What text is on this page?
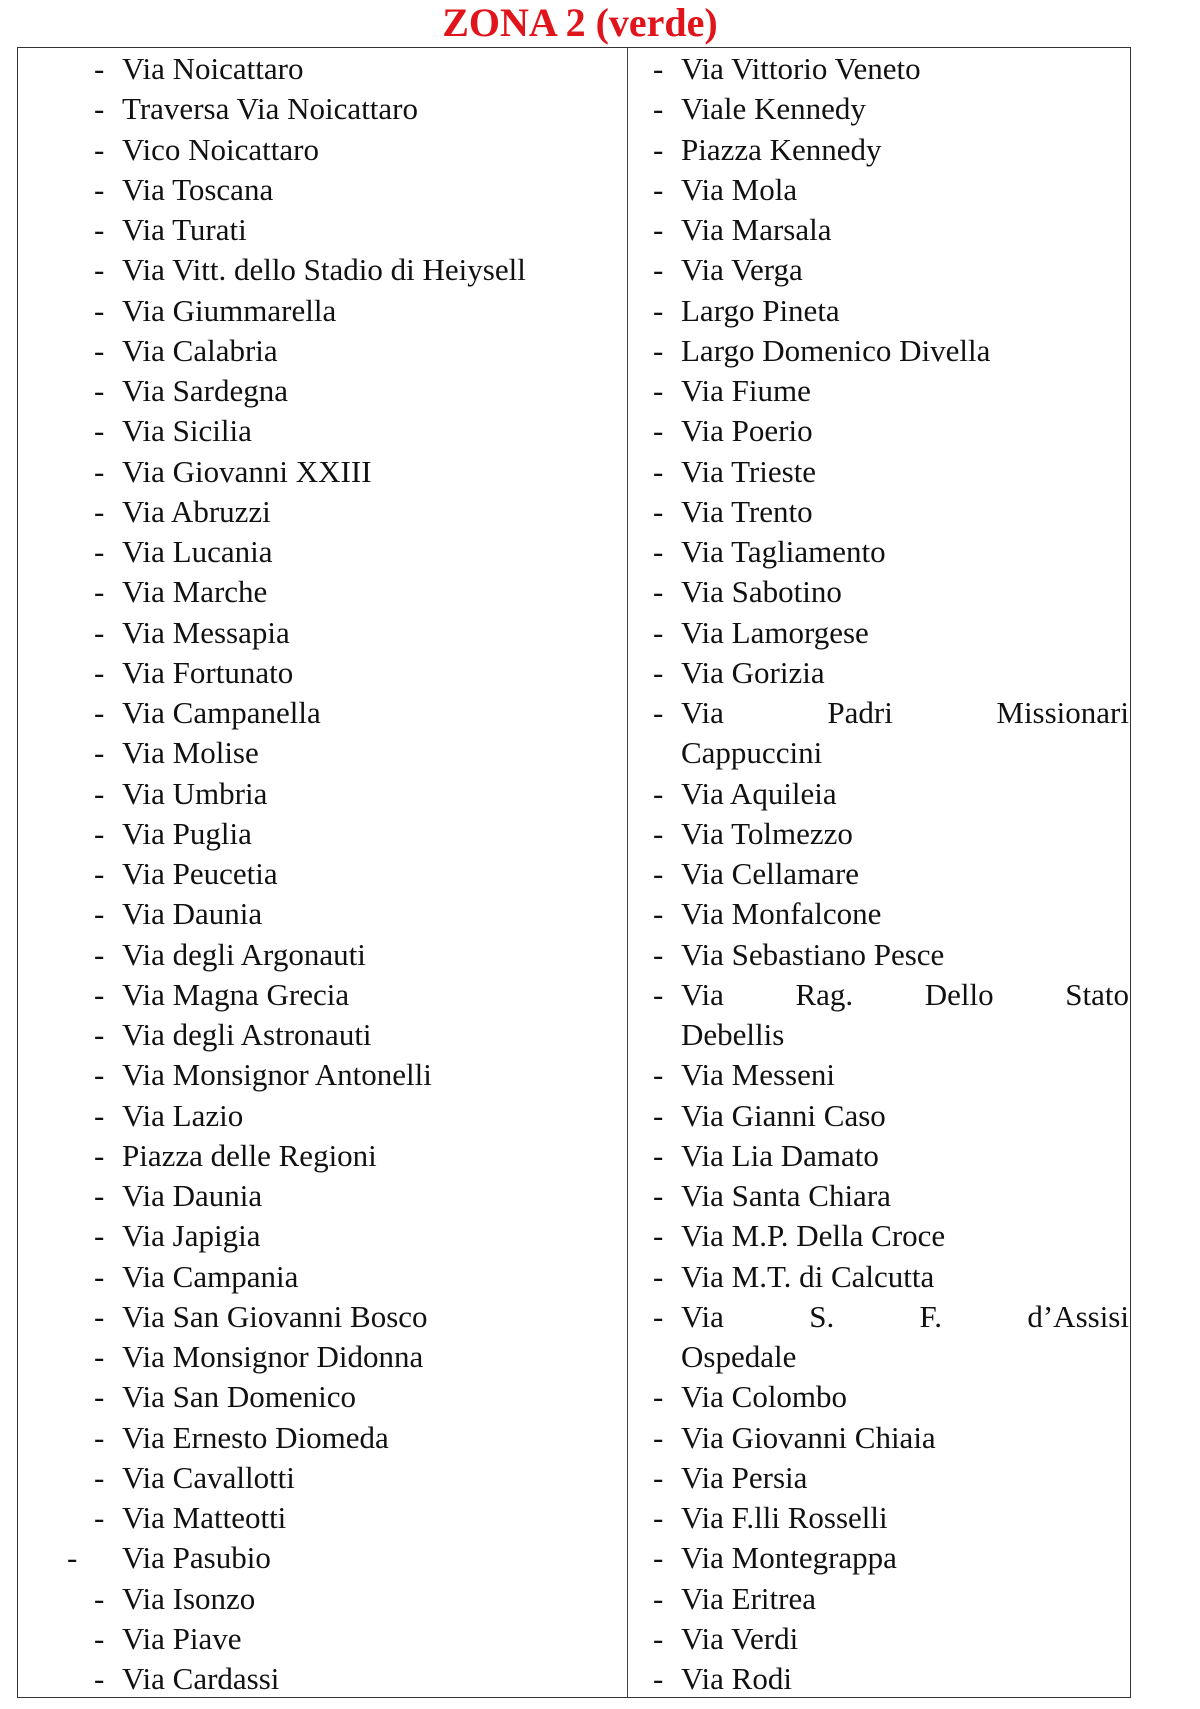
ZONA 2 (verde)
- Via Noicattaro
- Traversa Via Noicattaro
- Vico Noicattaro
- Via Toscana
- Via Turati
- Via Vitt. dello Stadio di Heiysell
- Via Giummarella
- Via Calabria
- Via Sardegna
- Via Sicilia
- Via Giovanni XXIII
- Via Abruzzi
- Via Lucania
- Via Marche
- Via Messapia
- Via Fortunato
- Via Campanella
- Via Molise
- Via Umbria
- Via Puglia
- Via Peucetia
- Via Daunia
- Via degli Argonauti
- Via Magna Grecia
- Via degli Astronauti
- Via Monsignor Antonelli
- Via Lazio
- Piazza delle Regioni
- Via Daunia
- Via Japigia
- Via Campania
- Via San Giovanni Bosco
- Via Monsignor Didonna
- Via San Domenico
- Via Ernesto Diomeda
- Via Cavallotti
- Via Matteotti
- Via Pasubio
- Via Isonzo
- Via Piave
- Via Cardassi
- Via Vittorio Veneto
- Viale Kennedy
- Piazza Kennedy
- Via Mola
- Via Marsala
- Via Verga
- Largo Pineta
- Largo Domenico Divella
- Via Fiume
- Via Poerio
- Via Trieste
- Via Trento
- Via Tagliamento
- Via Sabotino
- Via Lamorgese
- Via Gorizia
- Via	Padri	Missionari
Cappuccini
- Via Aquileia
- Via Tolmezzo
- Via Cellamare
- Via Monfalcone
- Via Sebastiano Pesce
- Via Rag. Dello Stato
Debellis
- Via Messeni
- Via Gianni Caso
- Via Lia Damato
- Via Santa Chiara
- Via M.P. Della Croce
- Via M.T. di Calcutta
- Via	S.	F.	d’Assisi
Ospedale
- Via Colombo
- Via Giovanni Chiaia
- Via Persia
- Via F.lli Rosselli
- Via Montegrappa
- Via Eritrea
- Via Verdi
- Via Rodi
